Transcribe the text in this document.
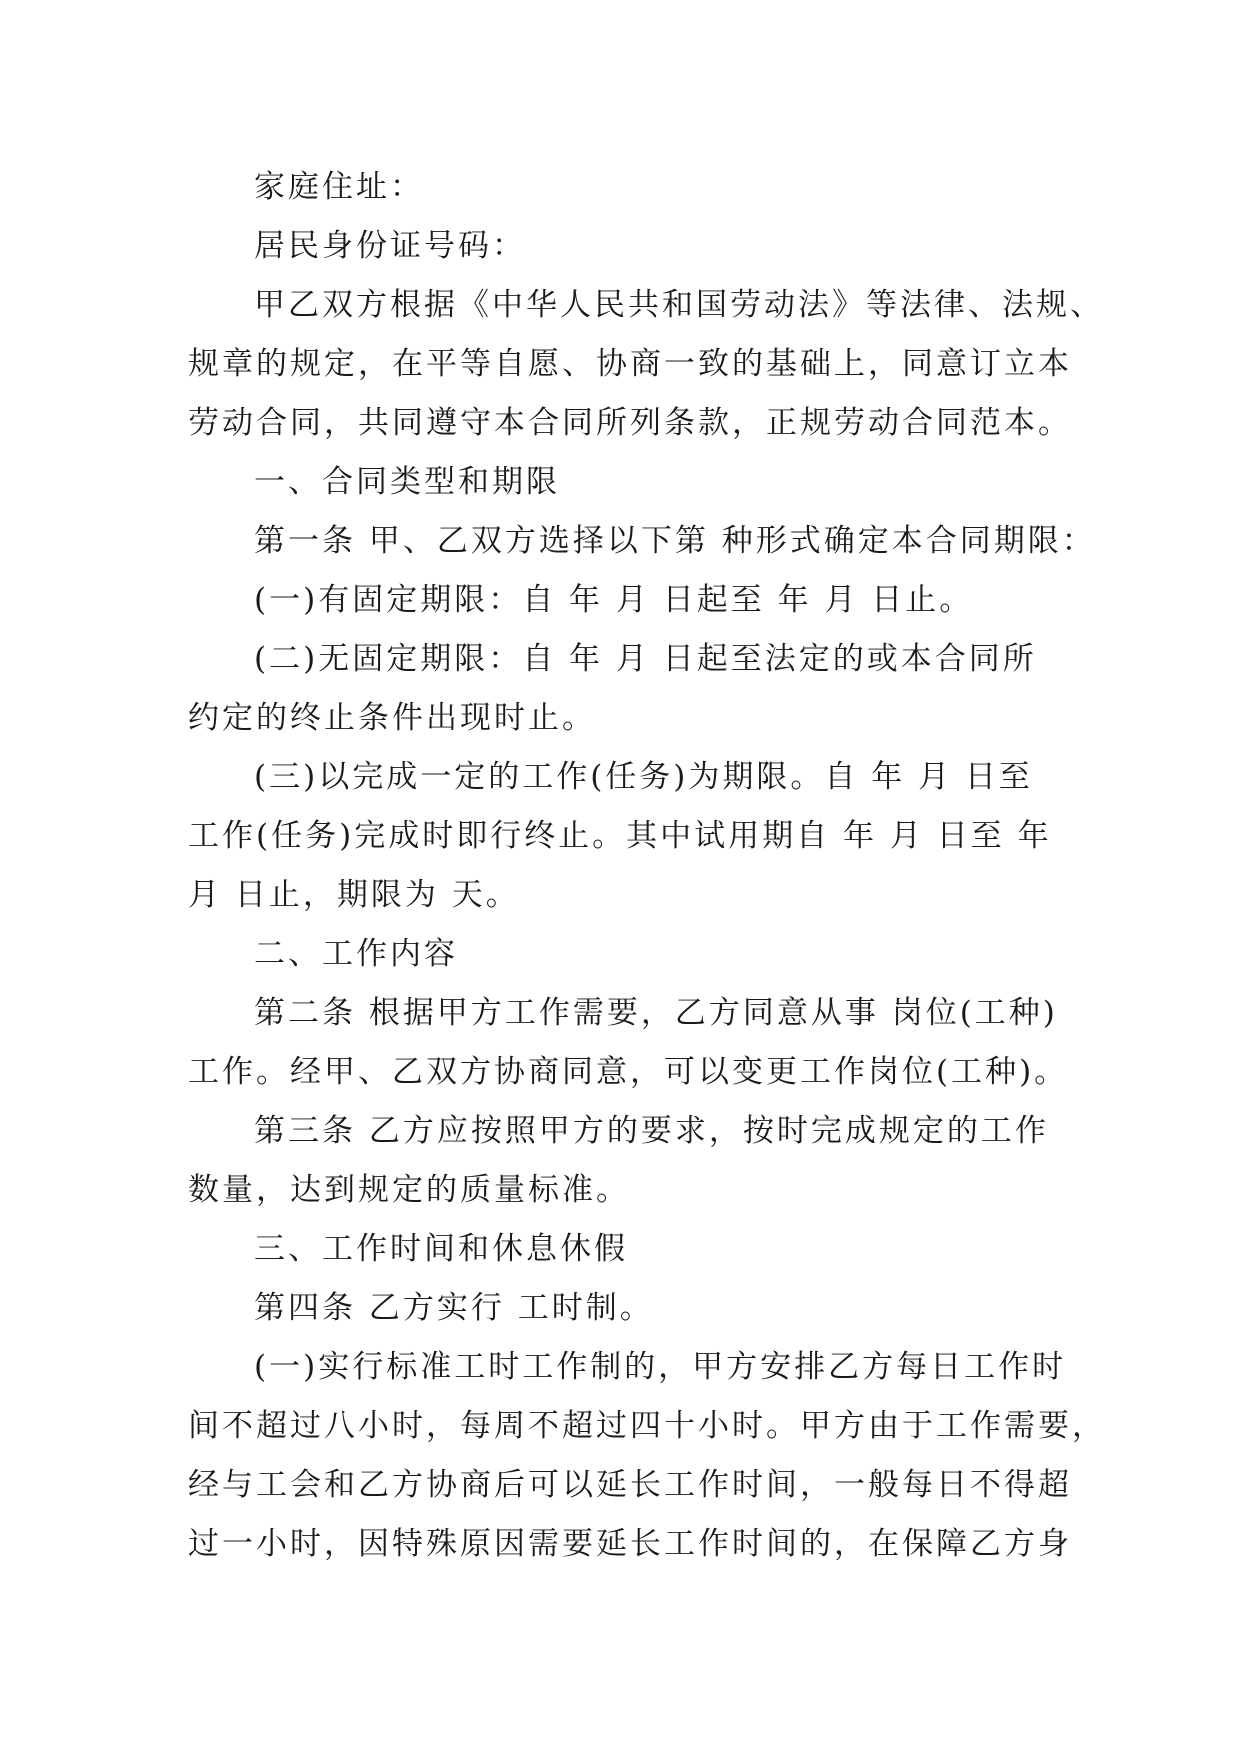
家庭住址：
居民身份证号码：
甲乙双方根据《中华人民共和国劳动法》等法律、法规、
规章的规定，在平等自愿、协商一致的基础上，同意订立本
劳动合同，共同遵守本合同所列条款，正规劳动合同范本。
一、合同类型和期限
第一条 甲、乙双方选择以下第 种形式确定本合同期限：
(一)有固定期限：自 年 月 日起至 年 月 日止。
(二)无固定期限：自 年 月 日起至法定的或本合同所
约定的终止条件出现时止。
(三)以完成一定的工作(任务)为期限。自 年 月 日至
工作(任务)完成时即行终止。其中试用期自 年 月 日至 年
月 日止，期限为 天。
二、工作内容
第二条 根据甲方工作需要，乙方同意从事 岗位(工种)
工作。经甲、乙双方协商同意，可以变更工作岗位(工种)。
第三条 乙方应按照甲方的要求，按时完成规定的工作
数量，达到规定的质量标准。
三、工作时间和休息休假
第四条 乙方实行 工时制。
(一)实行标准工时工作制的，甲方安排乙方每日工作时
间不超过八小时，每周不超过四十小时。甲方由于工作需要，
经与工会和乙方协商后可以延长工作时间，一般每日不得超
过一小时，因特殊原因需要延长工作时间的，在保障乙方身
